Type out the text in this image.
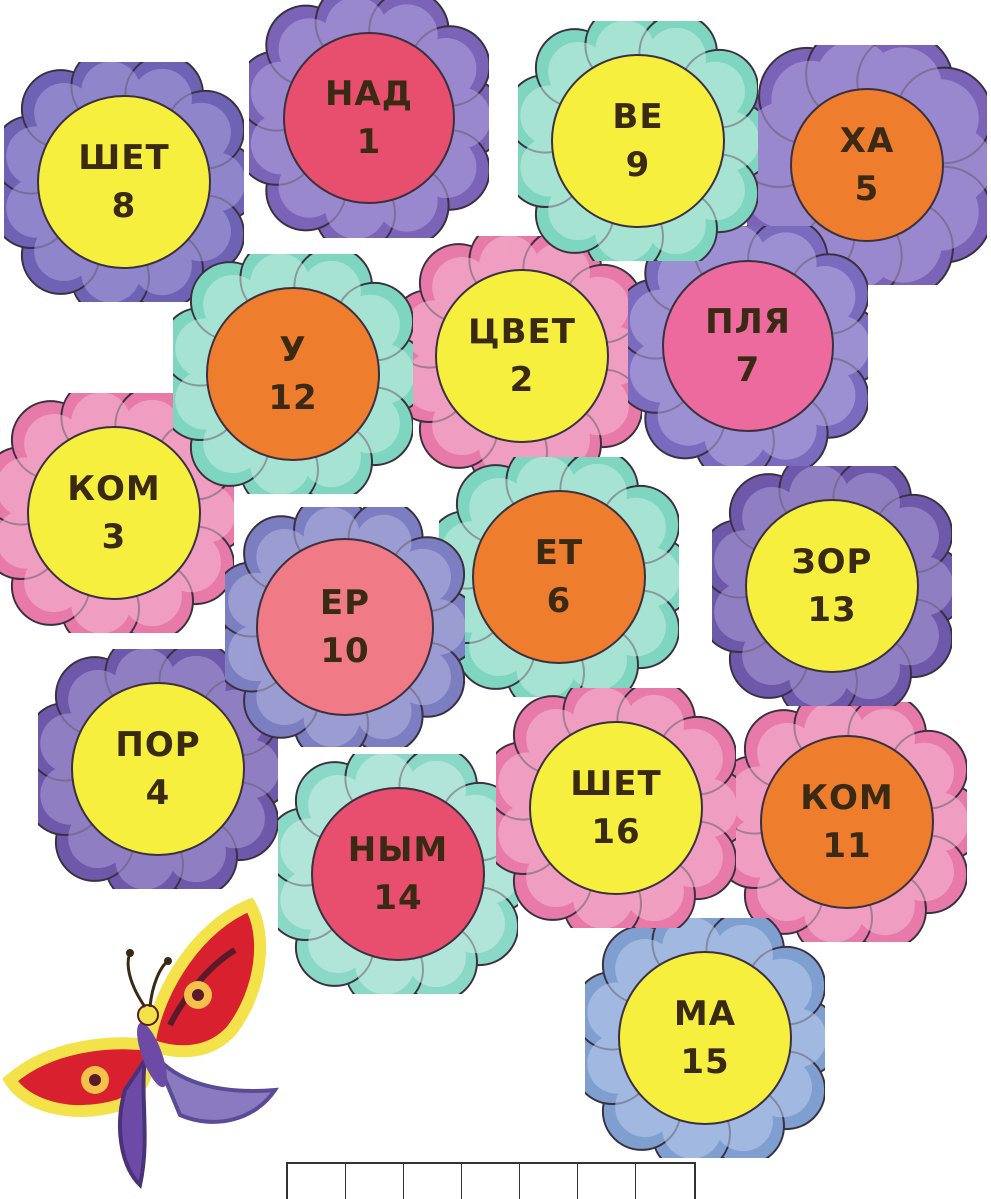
НАД
1
ЦВЕТ
2
КОМ
3
ПОР
4
ХА
5
ЕТ
6
ПЛЯ
7
ШЕТ
8
ВЕ
9
ЕР
10
КОМ
11
У
12
ЗОР
13
НЫМ
14
МА
15
ШЕТ
16
